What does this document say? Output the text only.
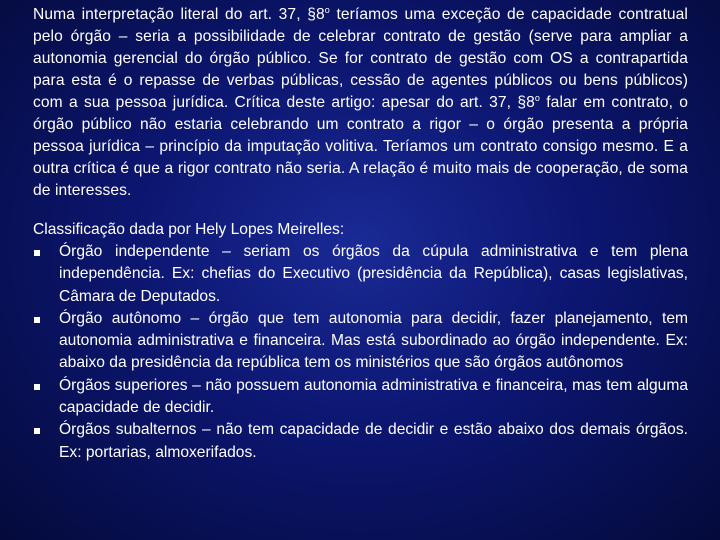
Numa interpretação literal do art. 37, §8$^o$ teríamos uma exceção de capacidade contratual pelo órgão – seria a possibilidade de celebrar contrato de gestão (serve para ampliar a autonomia gerencial do órgão público. Se for contrato de gestão com OS a contrapartida para esta é o repasse de verbas públicas, cessão de agentes públicos ou bens públicos) com a sua pessoa jurídica. Crítica deste artigo: apesar do art. 37, §8$^o$ falar em contrato, o órgão público não estaria celebrando um contrato a rigor – o órgão presenta a própria pessoa jurídica – princípio da imputação volitiva. Teríamos um contrato consigo mesmo. E a outra crítica é que a rigor contrato não seria. A relação é muito mais de cooperação, de soma de interesses.

Classificação dada por Hely Lopes Meirelles:

Órgão independente – seriam os órgãos da cúpula administrativa e tem plena independência. Ex: chefias do Executivo (presidência da República), casas legislativas, Câmara de Deputados.
Órgão autônomo – órgão que tem autonomia para decidir, fazer planejamento, tem autonomia administrativa e financeira. Mas está subordinado ao órgão independente. Ex: abaixo da presidência da república tem os ministérios que são órgãos autônomos
Órgãos superiores – não possuem autonomia administrativa e financeira, mas tem alguma capacidade de decidir.
Órgãos subalternos – não tem capacidade de decidir e estão abaixo dos demais órgãos. Ex: portarias, almoxerifados.
